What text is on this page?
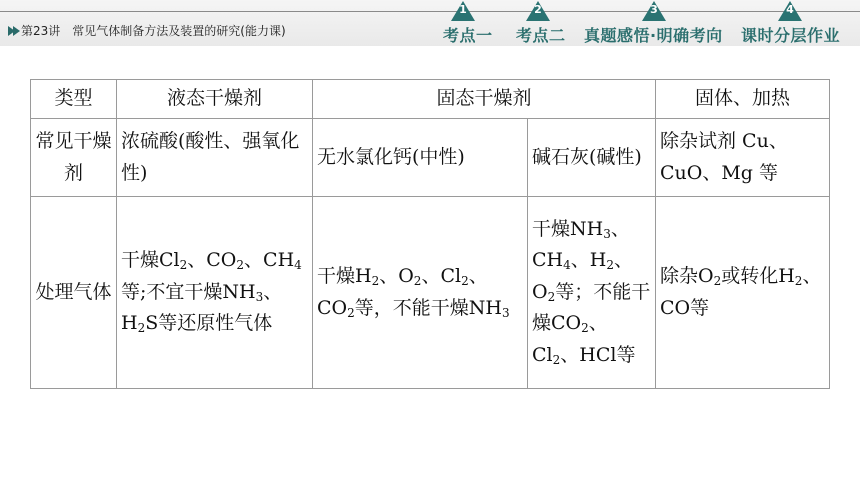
第23讲 常见气体制备方法及装置的研究(能力课)
1
考点一
2
考点二
3
真题感悟·明确考向
4
课时分层作业
类型	液态干燥剂	固态干燥剂		固体、加热
常见干燥剂	浓硫酸(酸性、强氧化性)	无水氯化钙(中性)	碱石灰(碱性)	除杂试剂 Cu、CuO、Mg 等
处理气体	干燥$Cl_2$、$CO_2$、$CH_4$等;不宜干燥$NH_3$、$H_2S$等还原性气体	干燥$H_2$、$O_2$、$Cl_2$、$CO_2$等，不能干燥$NH_3$	干燥$NH_3$、$CH_4$、$H_2$、$O_2$等；不能干燥$CO_2$、$Cl_2$、HCl等	除杂$O_2$或转化$H_2$、CO等
